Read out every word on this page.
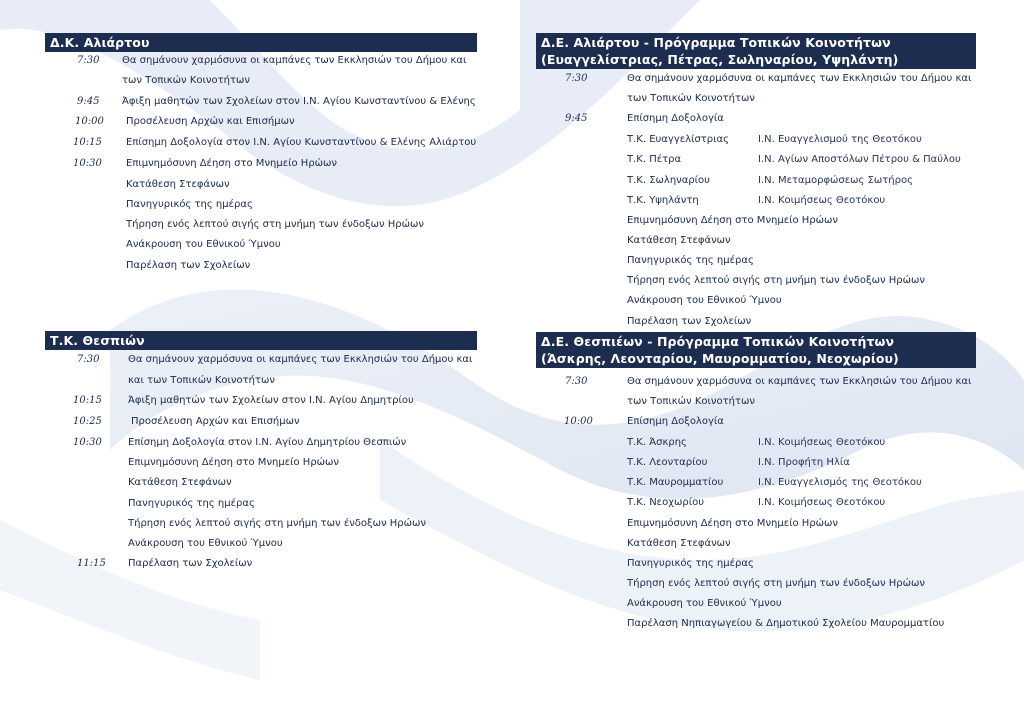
Δ.Κ. Αλιάρτου
7:30 Θα σημάνουν χαρμόσυνα οι καμπάνες των Εκκλησιών του Δήμου και
των Τοπικών Κοινοτήτων
9:45 Άφιξη μαθητών των Σχολείων στον Ι.Ν. Αγίου Κωνσταντίνου & Ελένης
10:00 Προσέλευση Αρχών και Επισήμων
10:15 Επίσημη Δοξολογία στον Ι.Ν. Αγίου Κωνσταντίνου & Ελένης Αλιάρτου
10:30 Επιμνημόσυνη Δέηση στο Μνημείο Ηρώων
Κατάθεση Στεφάνων
Πανηγυρικός της ημέρας
Τήρηση ενός λεπτού σιγής στη μνήμη των ένδοξων Ηρώων
Ανάκρουση του Εθνικού Ύμνου
Παρέλαση των Σχολείων
Τ.Κ. Θεσπιών
7:30	Θα σημάνουν χαρμόσυνα οι καμπάνες των Εκκλησιών του Δήμου και
και των Τοπικών Κοινοτήτων
10:15	Άφιξη μαθητών των Σχολείων στον Ι.Ν. Αγίου Δημητρίου
10:25	Προσέλευση Αρχών και Επισήμων
10:30	Επίσημη Δοξολογία στον Ι.Ν. Αγίου Δημητρίου Θεσπιών
Επιμνημόσυνη Δέηση στο Μνημείο Ηρώων
Κατάθεση Στεφάνων
Πανηγυρικός της ημέρας
Τήρηση ενός λεπτού σιγής στη μνήμη των ένδοξων Ηρώων
Ανάκρουση του Εθνικού Ύμνου
11:15 Παρέλαση των Σχολείων
Δ.Ε. Αλιάρτου - Πρόγραμμα Τοπικών Κοινοτήτων
(Ευαγγελίστριας, Πέτρας, Σωληναρίου, Υψηλάντη)
7:30	Θα σημάνουν χαρμόσυνα οι καμπάνες των Εκκλησιών του Δήμου και
των Τοπικών Κοινοτήτων
9:45	Επίσημη Δοξολογία
Τ.Κ. Ευαγγελίστριας	Ι.Ν. Ευαγγελισμού της Θεοτόκου
Τ.Κ. Πέτρα	Ι.Ν. Αγίων Αποστόλων Πέτρου & Παύλου
Τ.Κ. Σωληναρίου	Ι.Ν. Μεταμορφώσεως Σωτήρος
Τ.Κ. Υψηλάντη	Ι.Ν. Κοιμήσεως Θεοτόκου
Επιμνημόσυνη Δέηση στο Μνημείο Ηρώων
Κατάθεση Στεφάνων
Πανηγυρικός της ημέρας
Τήρηση ενός λεπτού σιγής στη μνήμη των ένδοξων Ηρώων
Ανάκρουση του Εθνικού Ύμνου
Παρέλαση των Σχολείων
Δ.Ε. Θεσπιέων - Πρόγραμμα Τοπικών Κοινοτήτων
(Άσκρης, Λεονταρίου, Μαυρομματίου, Νεοχωρίου)
7:30	Θα σημάνουν χαρμόσυνα οι καμπάνες των Εκκλησιών του Δήμου και
των Τοπικών Κοινοτήτων
10:00	Επίσημη Δοξολογία
Τ.Κ. Άσκρης	Ι.Ν. Κοιμήσεως Θεοτόκου
Τ.Κ. Λεονταρίου	Ι.Ν. Προφήτη Ηλία
Τ.Κ. Μαυρομματίου	Ι.Ν. Ευαγγελισμός της Θεοτόκου
Τ.Κ. Νεοχωρίου	Ι.Ν. Κοιμήσεως Θεοτόκου
Επιμνημόσυνη Δέηση στο Μνημείο Ηρώων
Κατάθεση Στεφάνων
Πανηγυρικός της ημέρας
Τήρηση ενός λεπτού σιγής στη μνήμη των ένδοξων Ηρώων
Ανάκρουση του Εθνικού Ύμνου
Παρέλαση Νηπιαγωγείου & Δημοτικού Σχολείου Μαυρομματίου
